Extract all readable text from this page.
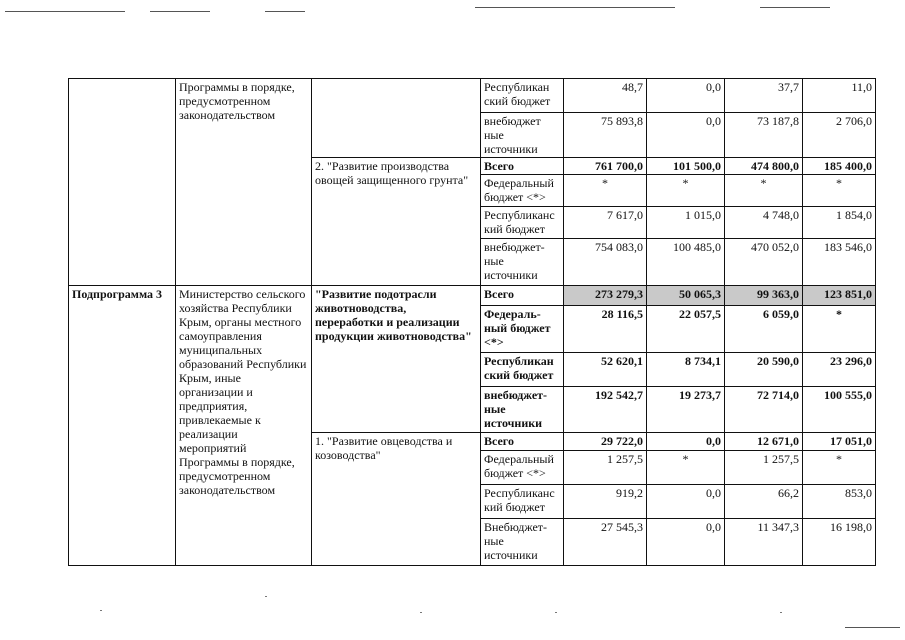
	Программы в порядке, предусмотренном законодательством		Республикан ский бюджет	48,7	0,0	37,7	11,0
			внебюджет ные источники	75 893,8	0,0	73 187,8	2 706,0
		2. "Развитие производства овощей защищенного грунта"	Всего	761 700,0	101 500,0	474 800,0	185 400,0
			Федеральный бюджет <*>	*	*	*	*
			Республиканс кий бюджет	7 617,0	1 015,0	4 748,0	1 854,0
			внебюджет- ные источники	754 083,0	100 485,0	470 052,0	183 546,0
Подпрограмма 3	Министерство сельского хозяйства Республики Крым, органы местного самоуправления муниципальных образований Республики Крым, иные организации и предприятия, привлекаемые к реализации мероприятий Программы в порядке, предусмотренном законодательством	"Развитие подотрасли животноводства, переработки и реализации продукции животноводства"	Всего	273 279,3	50 065,3	99 363,0	123 851,0
			Федераль- ный бюджет <*>	28 116,5	22 057,5	6 059,0	*
			Республикан ский бюджет	52 620,1	8 734,1	20 590,0	23 296,0
			внебюджет- ные источники	192 542,7	19 273,7	72 714,0	100 555,0
		1. "Развитие овцеводства и козоводства"	Всего	29 722,0	0,0	12 671,0	17 051,0
			Федеральный бюджет <*>	1 257,5	*	1 257,5	*
			Республиканс кий бюджет	919,2	0,0	66,2	853,0
			Внебюджет- ные источники	27 545,3	0,0	11 347,3	16 198,0
